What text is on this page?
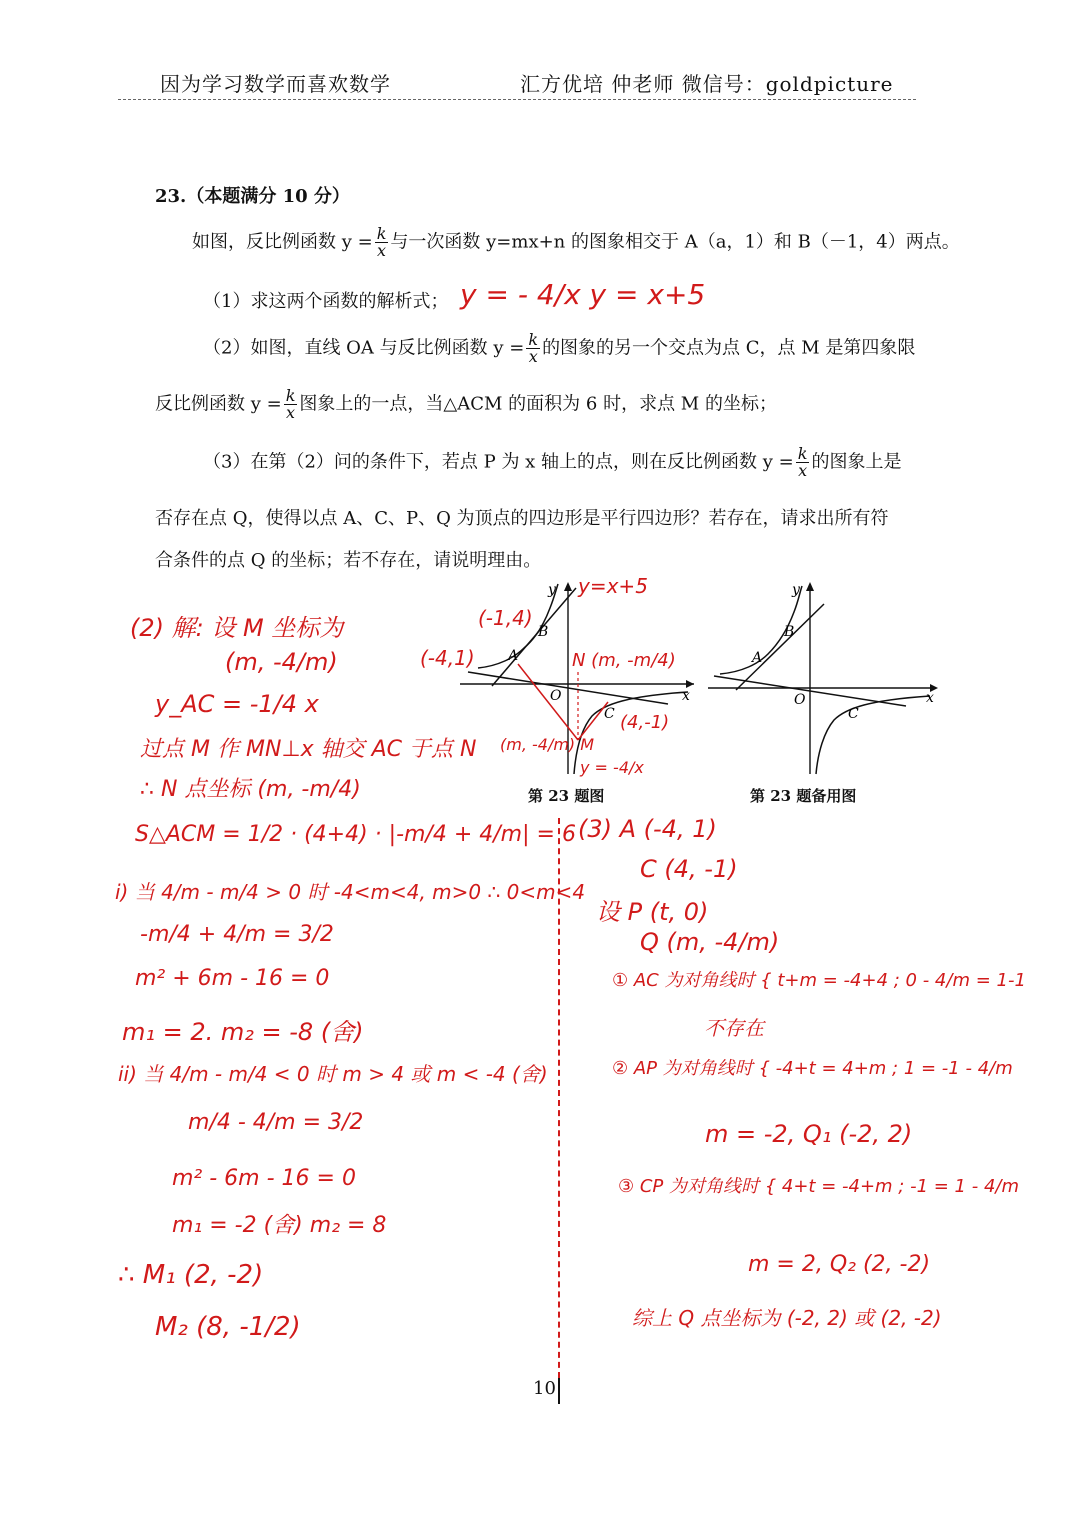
因为学习数学而喜欢数学	汇方优培 仲老师 微信号：goldpicture
23.（本题满分 10 分）
如图，反比例函数 $y = \frac{k}{x}$ 与一次函数 y=mx+n 的图象相交于 A（a，1）和 B（－1，4）两点。
（1）求这两个函数的解析式； y = - 4/x y = x+5
（2）如图，直线 OA 与反比例函数 $y = \frac{k}{x}$ 的图象的另一个交点为点 C，点 M 是第四象限
反比例函数 $y = \frac{k}{x}$ 图象上的一点，当△ACM 的面积为 6 时，求点 M 的坐标；
（3）在第（2）问的条件下，若点 P 为 x 轴上的点，则在反比例函数 $y = \frac{k}{x}$ 的图象上是
否存在点 Q，使得以点 A、C、P、Q 为顶点的四边形是平行四边形？若存在，请求出所有符
合条件的点 Q 的坐标；若不存在，请说明理由。
y
x
O
A
B
C
第 23 题图
y=x+5
(-1,4)
(-4,1)	N (m, -m/4)
(4,-1)
(m, -4/m) M
y = -4/x
y
x
O
A
B
C
第 23 题备用图
(2) 解: 设 M 坐标为
(m, -4/m)
y_AC = -1/4 x
过点 M 作 MN⊥x 轴交 AC 于点 N
∴ N 点坐标 (m, -m/4)
S△ACM = 1/2 · (4+4) · |-m/4 + 4/m| = 6
i) 当 4/m - m/4 > 0 时 -4<m<4, m>0 ∴ 0<m<4
-m/4 + 4/m = 3/2
m² + 6m - 16 = 0
m₁ = 2. m₂ = -8 (舍)
ii) 当 4/m - m/4 < 0 时 m > 4 或 m < -4 (舍)
m/4 - 4/m = 3/2
m² - 6m - 16 = 0
m₁ = -2 (舍) m₂ = 8
∴ M₁ (2, -2)
M₂ (8, -1/2)
(3) A (-4, 1)
C (4, -1)
设 P (t, 0)
Q (m, -4/m)
① AC 为对角线时 { t+m = -4+4 ; 0 - 4/m = 1-1
不存在
② AP 为对角线时 { -4+t = 4+m ; 1 = -1 - 4/m
m = -2, Q₁ (-2, 2)
③ CP 为对角线时 { 4+t = -4+m ; -1 = 1 - 4/m
m = 2, Q₂ (2, -2)
综上 Q 点坐标为 (-2, 2) 或 (2, -2)
10
